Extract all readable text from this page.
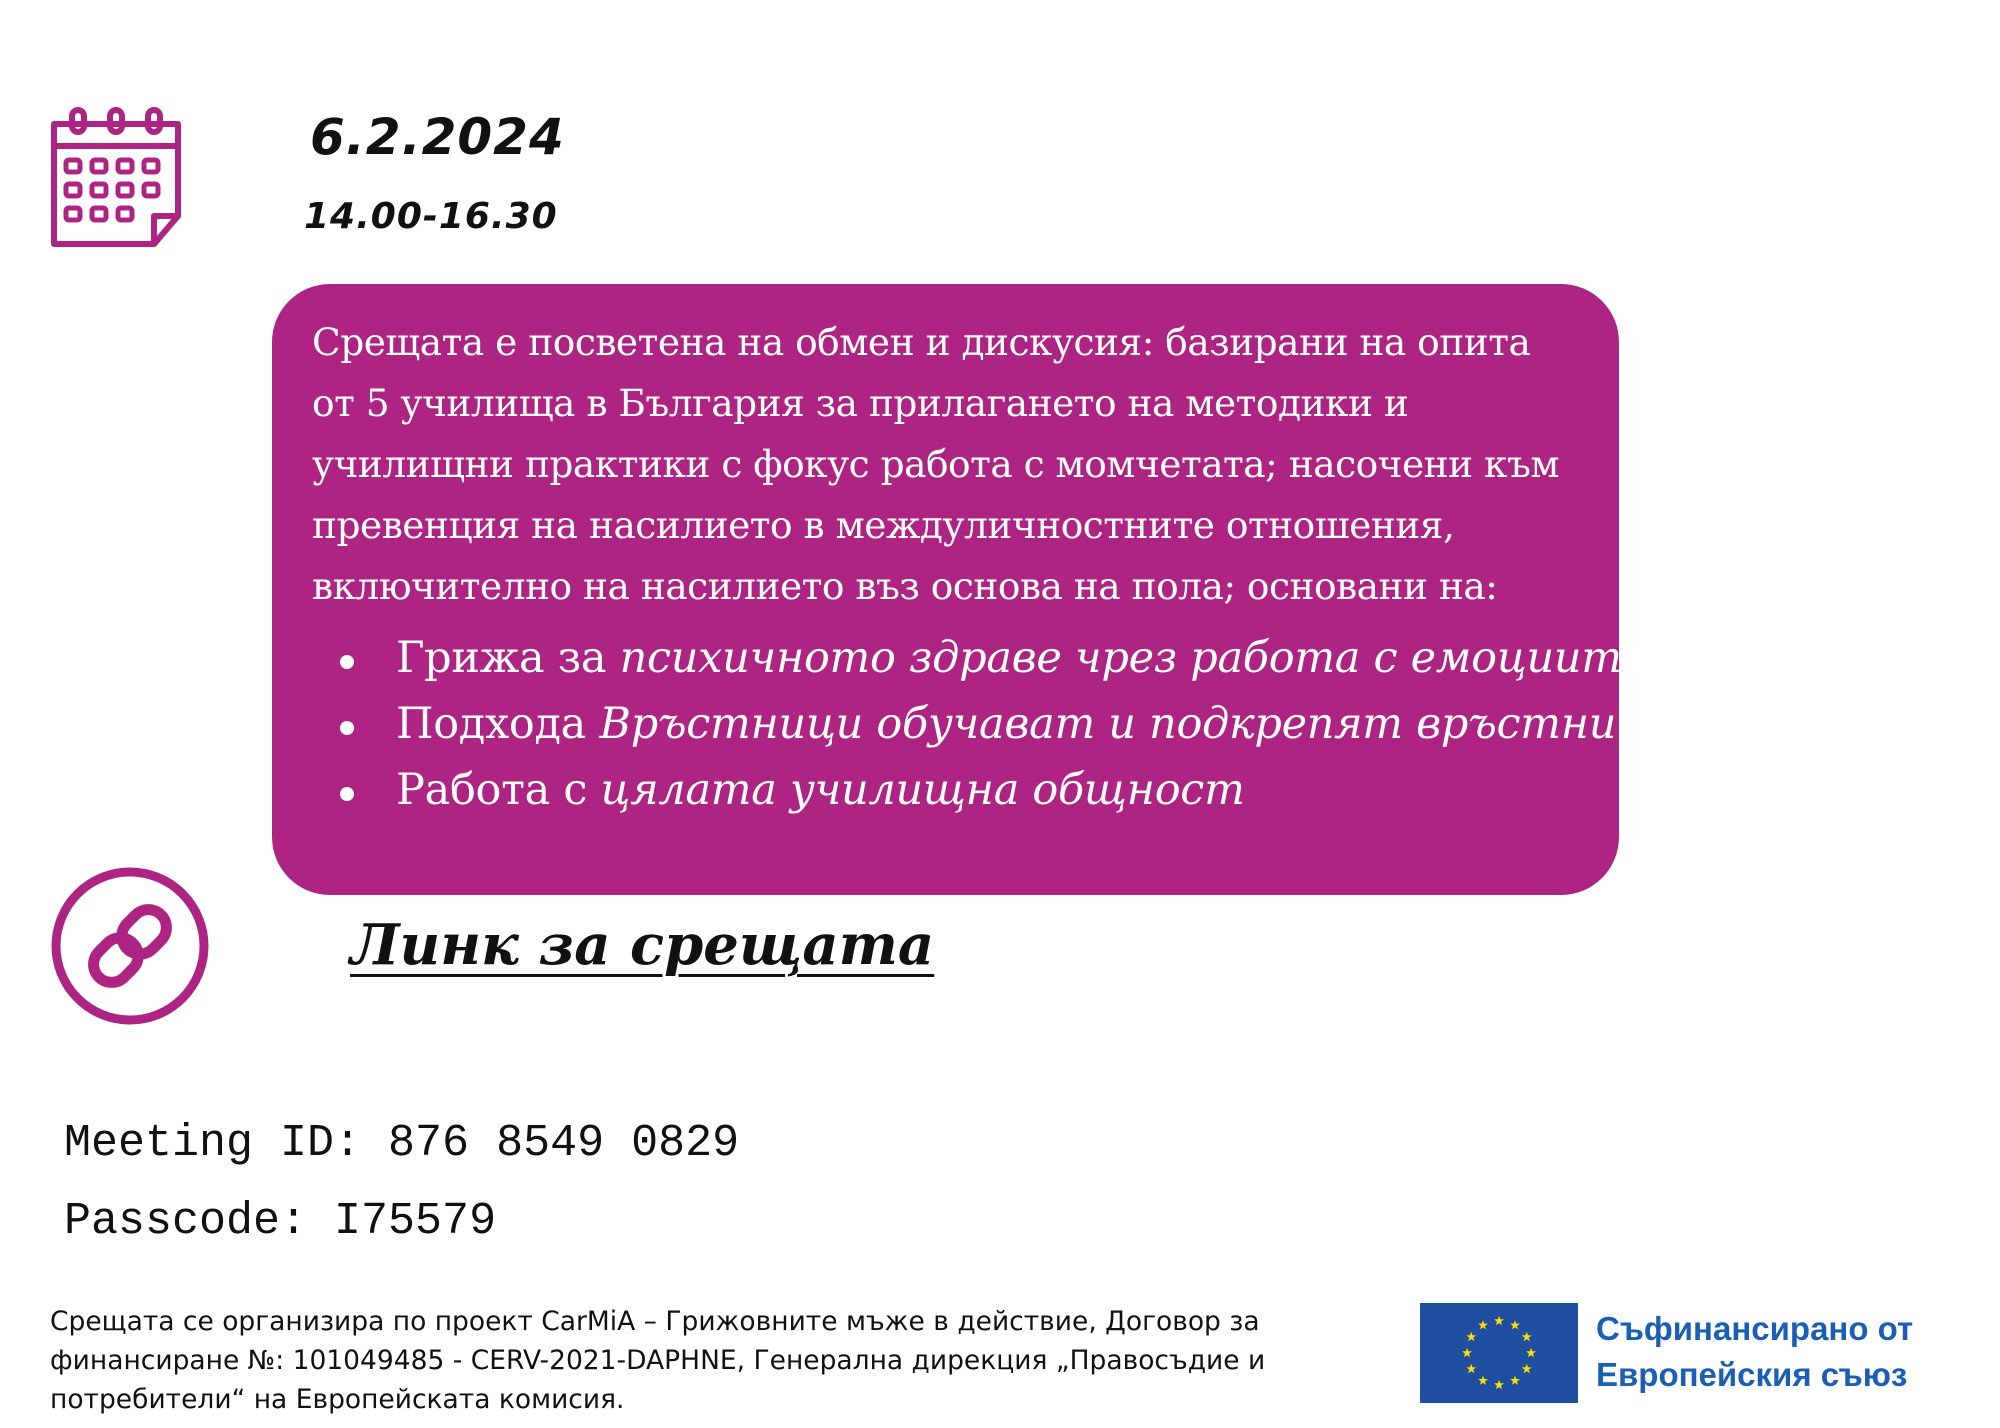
6.2.2024
14.00-16.30

Срещата е посветена на обмен и дискусия: базирани на опита от 5 училища в България за прилагането на методики и училищни практики с фокус работа с момчетата; насочени към превенция на насилието в междуличностните отношения, включително на насилието въз основа на пола; основани на:

Грижа за психичното здраве чрез работа с емоциите
Подхода Връстници обучават и подкрепят връстници
Работа с цялата училищна общност
Линк за срещата
Meeting ID: 876 8549 0829
Passcode: I75579
Срещата се организира по проект CarMiA – Грижовните мъже в действие, Договор за финансиране №: 101049485 - CERV-2021-DAPHNE, Генерална дирекция „Правосъдие и потребители“ на Европейската комисия.
Съфинансирано от
Европейския съюз
